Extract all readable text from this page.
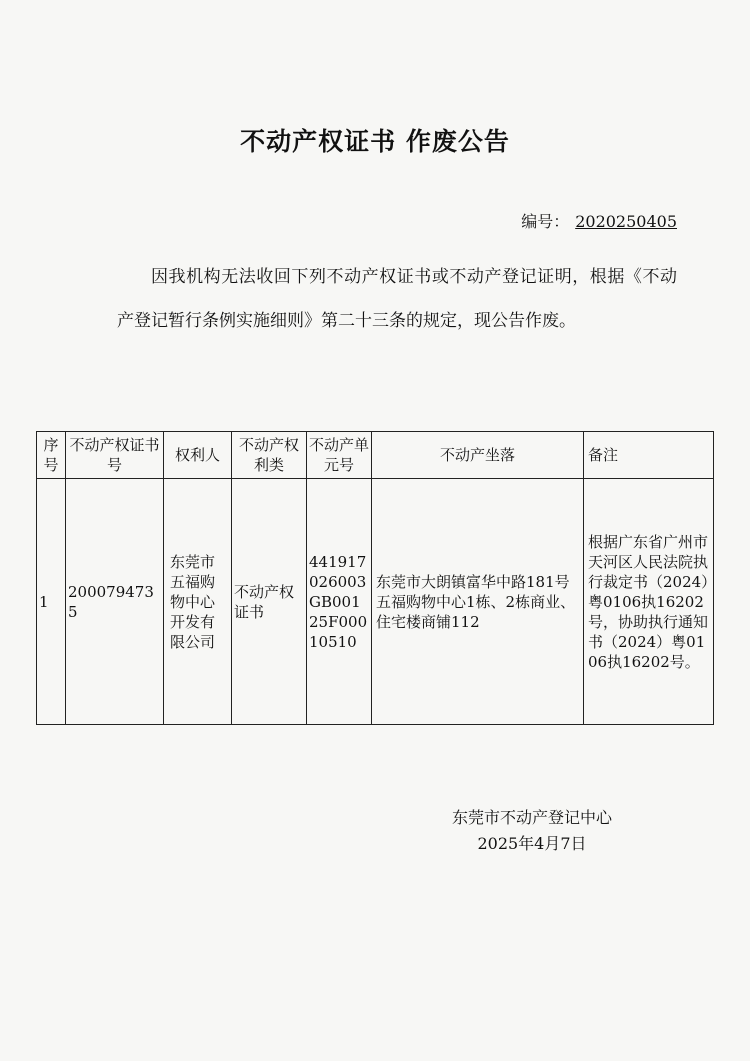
不动产权证书 作废公告
编号： 2020250405
因我机构无法收回下列不动产权证书或不动产登记证明，根据《不动产登记暂行条例实施细则》第二十三条的规定，现公告作废。
序号	不动产权证书号	权利人	不动产权利类	不动产单元号	不动产坐落	备注
1	2000794735	东莞市五福购物中心开发有限公司	不动产权证书	441917026003GB00125F00010510	东莞市大朗镇富华中路181号五福购物中心1栋、2栋商业、住宅楼商铺112	根据广东省广州市天河区人民法院执行裁定书（2024）粤0106执16202号，协助执行通知书（2024）粤0106执16202号。
东莞市不动产登记中心
2025年4月7日
